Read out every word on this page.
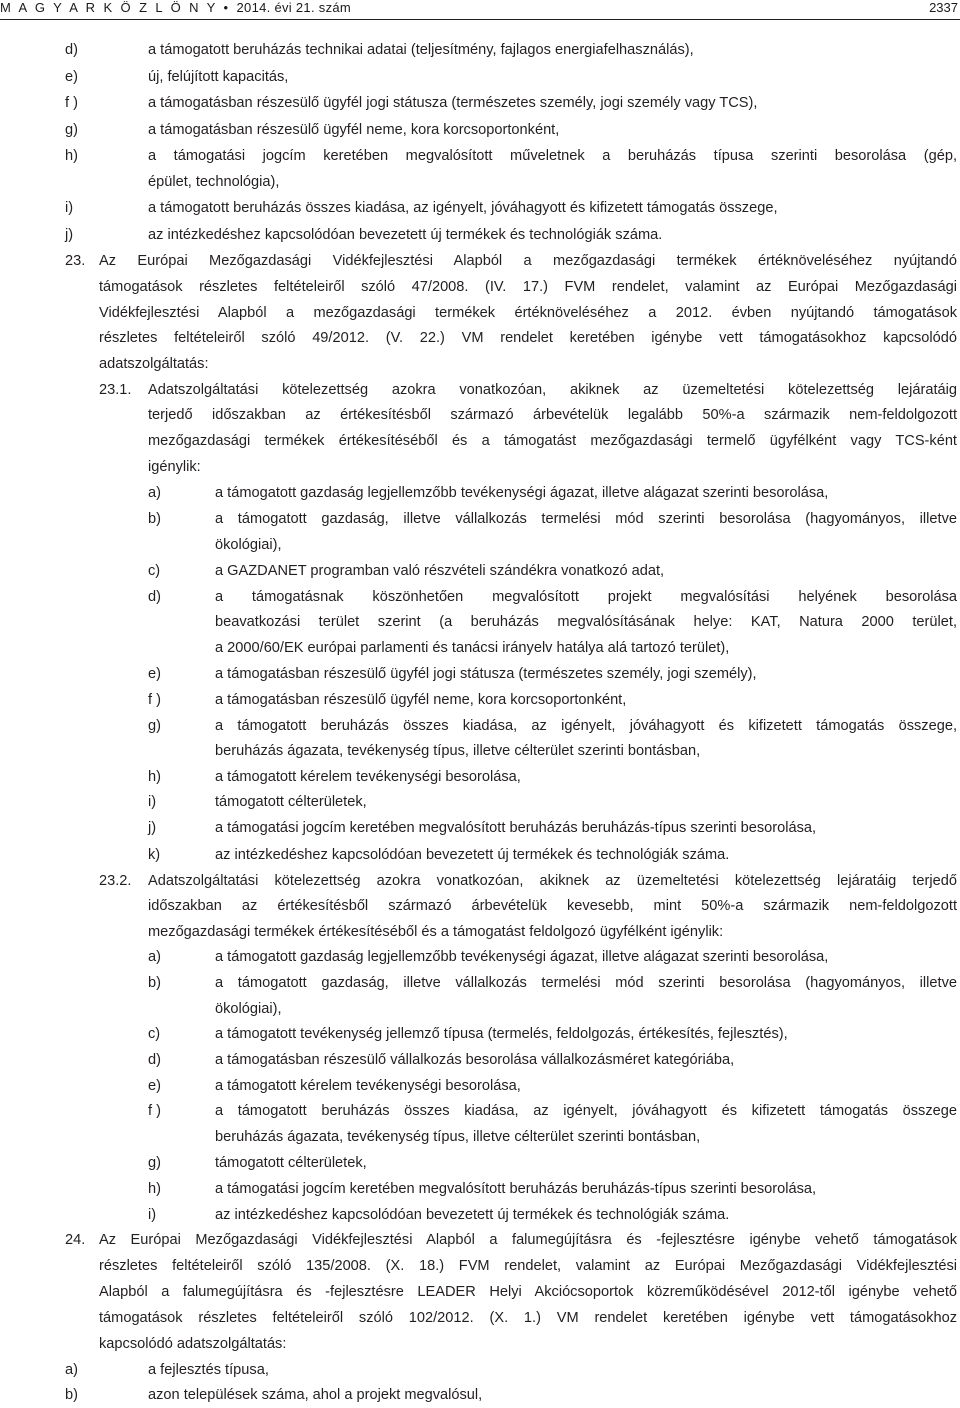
M A G Y A R K Ö Z L Ö N Y • 2014. évi 21. szám	2337
d)	a támogatott beruházás technikai adatai (teljesítmény, fajlagos energiafelhasználás),
e)	új, felújított kapacitás,
f )	a támogatásban részesülő ügyfél jogi státusza (természetes személy, jogi személy vagy TCS),
g)	a támogatásban részesülő ügyfél neme, kora korcsoportonként,
h)	a támogatási jogcím keretében megvalósított műveletnek a beruházás típusa szerinti besorolása (gép,
épület, technológia),
i)	a támogatott beruházás összes kiadása, az igényelt, jóváhagyott és kifizetett támogatás összege,
j)	az intézkedéshez kapcsolódóan bevezetett új termékek és technológiák száma.
23. Az Európai Mezőgazdasági Vidékfejlesztési Alapból a mezőgazdasági termékek értéknöveléséhez nyújtandó
támogatások részletes feltételeiről szóló 47/2008. (IV. 17.) FVM rendelet, valamint az Európai Mezőgazdasági
Vidékfejlesztési Alapból a mezőgazdasági termékek értéknöveléséhez a 2012. évben nyújtandó támogatások
részletes feltételeiről szóló 49/2012. (V. 22.) VM rendelet keretében igénybe vett támogatásokhoz kapcsolódó
adatszolgáltatás:
23.1. Adatszolgáltatási kötelezettség azokra vonatkozóan, akiknek az üzemeltetési kötelezettség lejáratáig
terjedő időszakban az értékesítésből származó árbevételük legalább 50%-a származik nem-feldolgozott
mezőgazdasági termékek értékesítéséből és a támogatást mezőgazdasági termelő ügyfélként vagy TCS-ként
igénylik:
a)	a támogatott gazdaság legjellemzőbb tevékenységi ágazat, illetve alágazat szerinti besorolása,
b)	a támogatott gazdaság, illetve vállalkozás termelési mód szerinti besorolása (hagyományos, illetve
ökológiai),
c)	a GAZDANET programban való részvételi szándékra vonatkozó adat,
d)	a támogatásnak köszönhetően megvalósított projekt megvalósítási helyének besorolása
beavatkozási terület szerint (a beruházás megvalósításának helye: KAT, Natura 2000 terület,
a 2000/60/EK európai parlamenti és tanácsi irányelv hatálya alá tartozó terület),
e)	a támogatásban részesülő ügyfél jogi státusza (természetes személy, jogi személy),
f )	a támogatásban részesülő ügyfél neme, kora korcsoportonként,
g)	a támogatott beruházás összes kiadása, az igényelt, jóváhagyott és kifizetett támogatás összege,
beruházás ágazata, tevékenység típus, illetve célterület szerinti bontásban,
h)	a támogatott kérelem tevékenységi besorolása,
i)	támogatott célterületek,
j)	a támogatási jogcím keretében megvalósított beruházás beruházás-típus szerinti besorolása,
k)	az intézkedéshez kapcsolódóan bevezetett új termékek és technológiák száma.
23.2. Adatszolgáltatási kötelezettség azokra vonatkozóan, akiknek az üzemeltetési kötelezettség lejáratáig terjedő
időszakban az értékesítésből származó árbevételük kevesebb, mint 50%-a származik nem-feldolgozott
mezőgazdasági termékek értékesítéséből és a támogatást feldolgozó ügyfélként igénylik:
a)	a támogatott gazdaság legjellemzőbb tevékenységi ágazat, illetve alágazat szerinti besorolása,
b)	a támogatott gazdaság, illetve vállalkozás termelési mód szerinti besorolása (hagyományos, illetve
ökológiai),
c)	a támogatott tevékenység jellemző típusa (termelés, feldolgozás, értékesítés, fejlesztés),
d)	a támogatásban részesülő vállalkozás besorolása vállalkozásméret kategóriába,
e)	a támogatott kérelem tevékenységi besorolása,
f )	a támogatott beruházás összes kiadása, az igényelt, jóváhagyott és kifizetett támogatás összege
beruházás ágazata, tevékenység típus, illetve célterület szerinti bontásban,
g)	támogatott célterületek,
h)	a támogatási jogcím keretében megvalósított beruházás beruházás-típus szerinti besorolása,
i)	az intézkedéshez kapcsolódóan bevezetett új termékek és technológiák száma.
24. Az Európai Mezőgazdasági Vidékfejlesztési Alapból a falumegújításra és -fejlesztésre igénybe vehető támogatások
részletes feltételeiről szóló 135/2008. (X. 18.) FVM rendelet, valamint az Európai Mezőgazdasági Vidékfejlesztési
Alapból a falumegújításra és -fejlesztésre LEADER Helyi Akciócsoportok közreműködésével 2012-től igénybe vehető
támogatások részletes feltételeiről szóló 102/2012. (X. 1.) VM rendelet keretében igénybe vett támogatásokhoz
kapcsolódó adatszolgáltatás:
a)	a fejlesztés típusa,
b)	azon települések száma, ahol a projekt megvalósul,
